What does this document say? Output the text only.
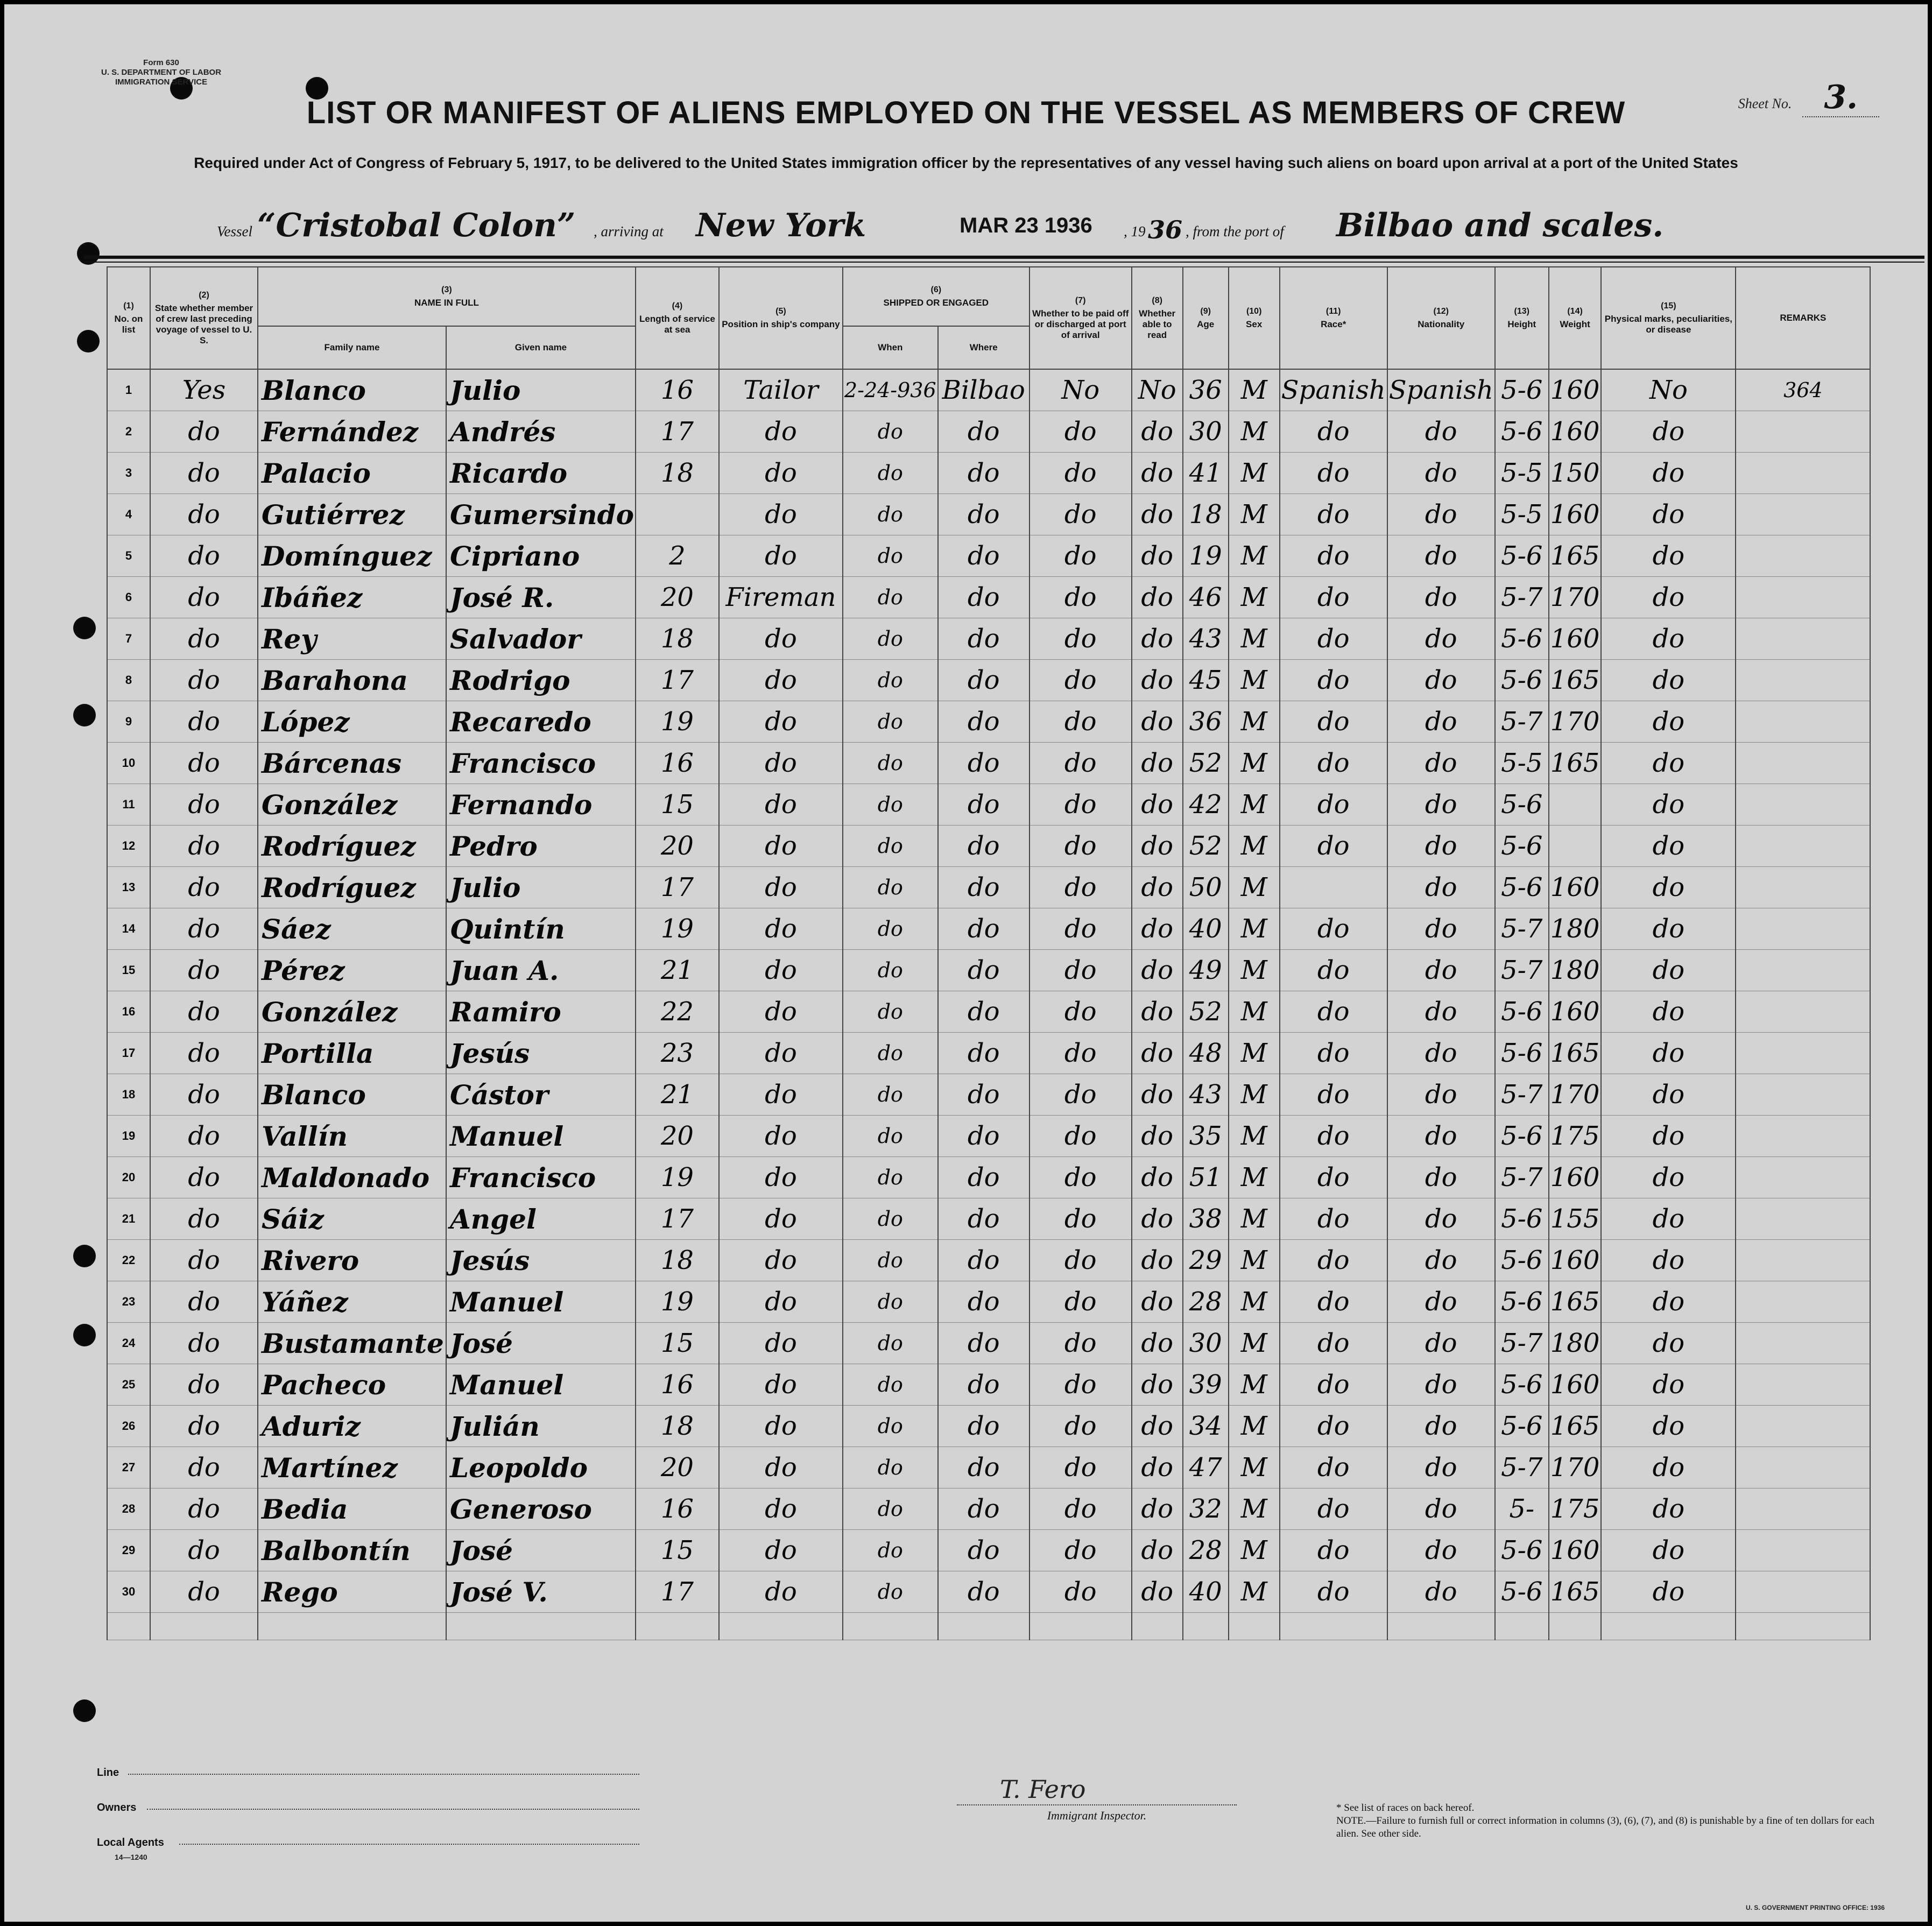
Form 630
U. S. DEPARTMENT OF LABOR
IMMIGRATION SERVICE
Sheet No. 3.
LIST OR MANIFEST OF ALIENS EMPLOYED ON THE VESSEL AS MEMBERS OF CREW
Required under Act of Congress of February 5, 1917, to be delivered to the United States immigration officer by the representatives of any vessel having such aliens on board upon arrival at a port of the United States
Vessel “Cristobal Colon” , arriving at New York	MAR 23 1936 , 19 36 , from the port of Bilbao and scales.
(1)
No. on list	(2)
State whether member of crew last preceding voyage of vessel to U. S.	(3)
NAME IN FULL		(4)
Length of service at sea	(5)
Position in ship's company	(6)
SHIPPED OR ENGAGED		(7)
Whether to be paid off or discharged at port of arrival	(8)
Whether able to read	(9)
Age	(10)
Sex	(11)
Race*	(12)
Nationality	(13)
Height	(14)
Weight	(15)
Physical marks, peculiarities, or disease	REMARKS
		Family name	Given name			When	Where										
1	Yes	Blanco	Julio	16	Tailor	2-24-936	Bilbao	No	No	36	M	Spanish	Spanish	5-6	160	No	364
2	do	Fernández	Andrés	17	do	do	do	do	do	30	M	do	do	5-6	160	do	
3	do	Palacio	Ricardo	18	do	do	do	do	do	41	M	do	do	5-5	150	do	
4	do	Gutiérrez	Gumersindo		do	do	do	do	do	18	M	do	do	5-5	160	do	
5	do	Domínguez	Cipriano	2	do	do	do	do	do	19	M	do	do	5-6	165	do	
6	do	Ibáñez	José R.	20	Fireman	do	do	do	do	46	M	do	do	5-7	170	do	
7	do	Rey	Salvador	18	do	do	do	do	do	43	M	do	do	5-6	160	do	
8	do	Barahona	Rodrigo	17	do	do	do	do	do	45	M	do	do	5-6	165	do	
9	do	López	Recaredo	19	do	do	do	do	do	36	M	do	do	5-7	170	do	
10	do	Bárcenas	Francisco	16	do	do	do	do	do	52	M	do	do	5-5	165	do	
11	do	González	Fernando	15	do	do	do	do	do	42	M	do	do	5-6		do	
12	do	Rodríguez	Pedro	20	do	do	do	do	do	52	M	do	do	5-6		do	
13	do	Rodríguez	Julio	17	do	do	do	do	do	50	M		do	5-6	160	do	
14	do	Sáez	Quintín	19	do	do	do	do	do	40	M	do	do	5-7	180	do	
15	do	Pérez	Juan A.	21	do	do	do	do	do	49	M	do	do	5-7	180	do	
16	do	González	Ramiro	22	do	do	do	do	do	52	M	do	do	5-6	160	do	
17	do	Portilla	Jesús	23	do	do	do	do	do	48	M	do	do	5-6	165	do	
18	do	Blanco	Cástor	21	do	do	do	do	do	43	M	do	do	5-7	170	do	
19	do	Vallín	Manuel	20	do	do	do	do	do	35	M	do	do	5-6	175	do	
20	do	Maldonado	Francisco	19	do	do	do	do	do	51	M	do	do	5-7	160	do	
21	do	Sáiz	Angel	17	do	do	do	do	do	38	M	do	do	5-6	155	do	
22	do	Rivero	Jesús	18	do	do	do	do	do	29	M	do	do	5-6	160	do	
23	do	Yáñez	Manuel	19	do	do	do	do	do	28	M	do	do	5-6	165	do	
24	do	Bustamante	José	15	do	do	do	do	do	30	M	do	do	5-7	180	do	
25	do	Pacheco	Manuel	16	do	do	do	do	do	39	M	do	do	5-6	160	do	
26	do	Aduriz	Julián	18	do	do	do	do	do	34	M	do	do	5-6	165	do	
27	do	Martínez	Leopoldo	20	do	do	do	do	do	47	M	do	do	5-7	170	do	
28	do	Bedia	Generoso	16	do	do	do	do	do	32	M	do	do	5-	175	do	
29	do	Balbontín	José	15	do	do	do	do	do	28	M	do	do	5-6	160	do	
30	do	Rego	José V.	17	do	do	do	do	do	40	M	do	do	5-6	165	do	

Line
Owners
Local Agents
14—1240
T. Fero
Immigrant Inspector.
* See list of races on back hereof.
NOTE.—Failure to furnish full or correct information in columns (3), (6), (7), and (8) is punishable by a fine of ten dollars for each alien. See other side.
U. S. GOVERNMENT PRINTING OFFICE: 1936
